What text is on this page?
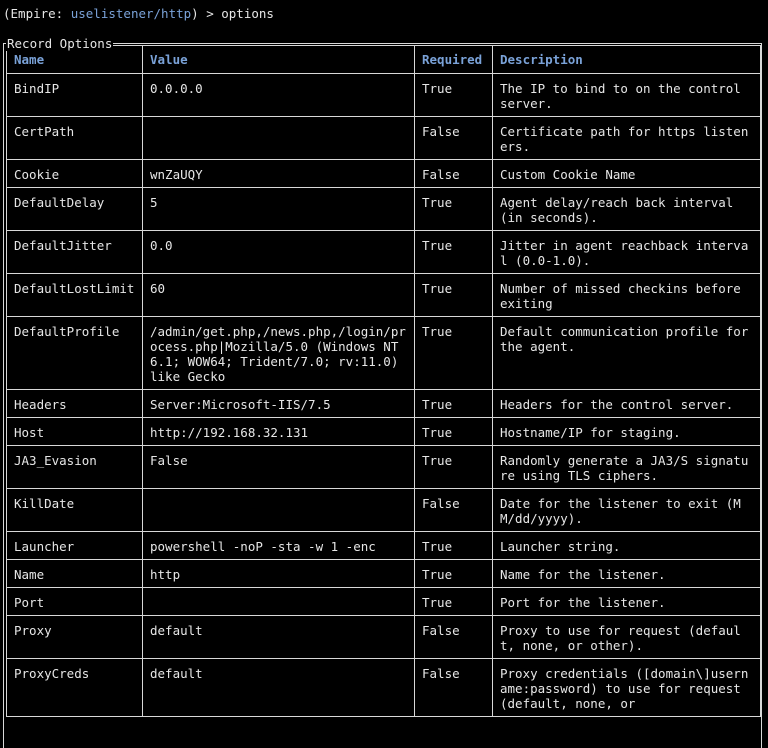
(Empire: uselistener/http) > options
Record Options
Name	Value	Required	Description
BindIP	0.0.0.0	True	The IP to bind to on the control server.
CertPath		False	Certificate path for https listeners.
Cookie	wnZaUQY	False	Custom Cookie Name
DefaultDelay	5	True	Agent delay/reach back interval (in seconds).
DefaultJitter	0.0	True	Jitter in agent reachback interval (0.0-1.0).
DefaultLostLimit	60	True	Number of missed checkins before exiting
DefaultProfile	/admin/get.php,/news.php,/login/process.php|Mozilla/5.0 (Windows NT 6.1; WOW64; Trident/7.0; rv:11.0) like Gecko	True	Default communication profile for the agent.
Headers	Server:Microsoft-IIS/7.5	True	Headers for the control server.
Host	http://192.168.32.131	True	Hostname/IP for staging.
JA3_Evasion	False	True	Randomly generate a JA3/S signature using TLS ciphers.
KillDate		False	Date for the listener to exit (MM/dd/yyyy).
Launcher	powershell -noP -sta -w 1 -enc	True	Launcher string.
Name	http	True	Name for the listener.
Port		True	Port for the listener.
Proxy	default	False	Proxy to use for request (default, none, or other).
ProxyCreds	default	False	Proxy credentials ([domain\]username:password) to use for request (default, none, or
